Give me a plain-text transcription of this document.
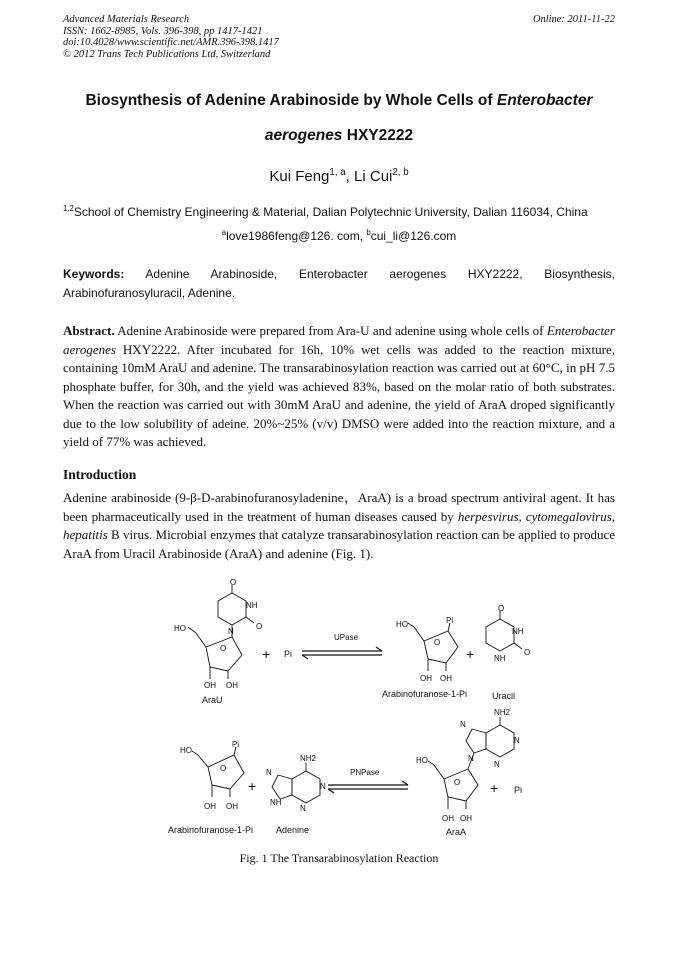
Advanced Materials Research
ISSN: 1662-8985, Vols. 396-398, pp 1417-1421
doi:10.4028/www.scientific.net/AMR.396-398.1417
© 2012 Trans Tech Publications Ltd, Switzerland
Online: 2011-11-22
Biosynthesis of Adenine Arabinoside by Whole Cells of Enterobacter
aerogenes HXY2222
Kui Feng$^{1, a}$, Li Cui$^{2, b}$
$^{1,2}$School of Chemistry Engineering & Material, Dalian Polytechnic University, Dalian 116034, China
$^a$love1986feng@126. com, $^b$cui_li@126.com
Keywords: Adenine Arabinoside, Enterobacter aerogenes HXY2222, Biosynthesis, Arabinofuranosyluracil, Adenine.
Abstract. Adenine Arabinoside were prepared from Ara-U and adenine using whole cells of Enterobacter aerogenes HXY2222. After incubated for 16h, 10% wet cells was added to the reaction mixture, containing 10mM AraU and adenine. The transarabinosylation reaction was carried out at 60°C, in pH 7.5 phosphate buffer, for 30h, and the yield was achieved 83%, based on the molar ratio of both substrates. When the reaction was carried out with 30mM AraU and adenine, the yield of AraA droped significantly due to the low solubility of adeine. 20%~25% (v/v) DMSO were added into the reaction mixture, and a yield of 77% was achieved.
Introduction
Adenine arabinoside (9-β-D-arabinofuranosyladenine，AraA) is a broad spectrum antiviral agent. It has been pharmaceutically used in the treatment of human diseases caused by herpesvirus, cytomegalovirus, hepatitis B virus. Microbial enzymes that catalyze transarabinosylation reaction can be applied to produce AraA from Uracil Arabinoside (AraA) and adenine (Fig. 1).
O
NH
O
N
HO
O
OH OH
AraU
+ Pi
UPase
HO	Pi
O
OH OH
Arabinofuranose-1-Pi
+
O
NH
O
NH
Uracil
HO
Pi
O
OH OH
Arabinofuranose-1-Pi
+
NH2
N
N
NH
N
Adenine
PNPase
NH2
N
N
N
N
HO
O
OH OH
AraA
+ Pi
Fig. 1 The Transarabinosylation Reaction
